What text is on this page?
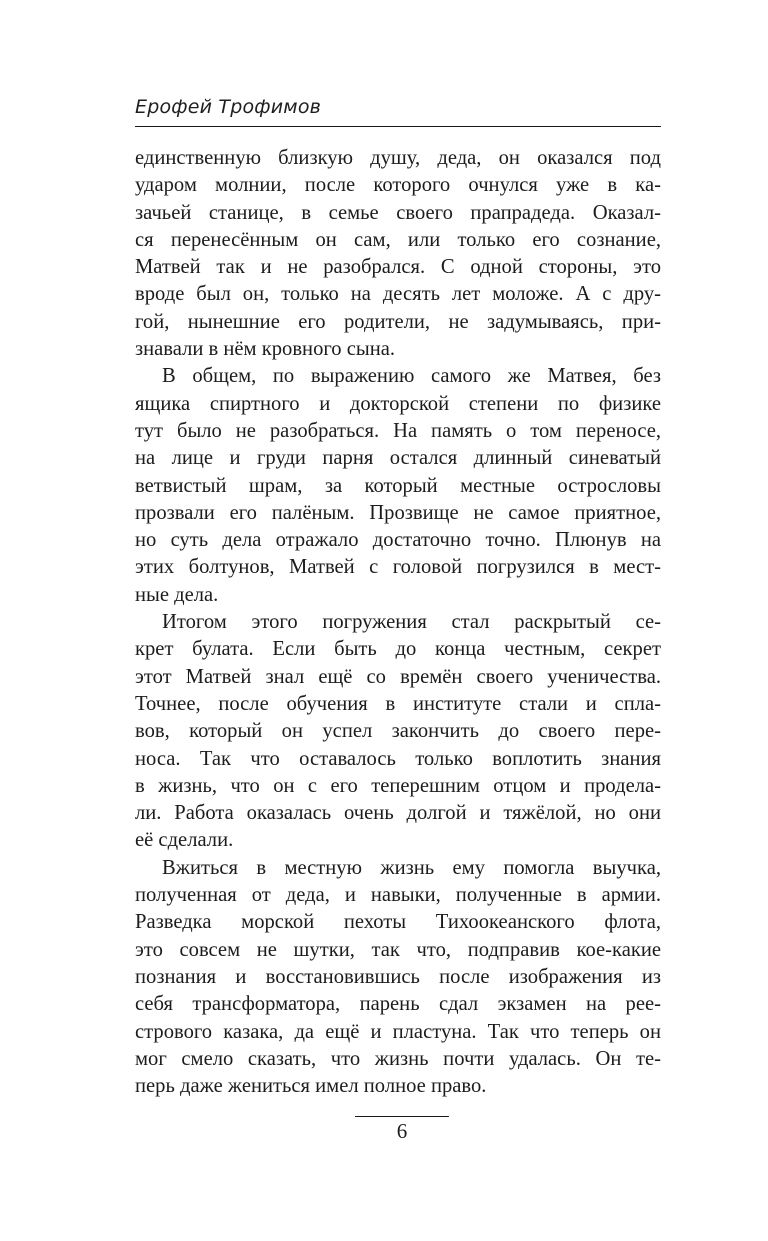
Ерофей Трофимов
единственную близкую душу, деда, он оказался под
ударом молнии, после которого очнулся уже в ка-
зачьей станице, в семье своего прапрадеда. Оказал-
ся перенесённым он сам, или только его сознание,
Матвей так и не разобрался. С одной стороны, это
вроде был он, только на десять лет моложе. А с дру-
гой, нынешние его родители, не задумываясь, при-
знавали в нём кровного сына.
В общем, по выражению самого же Матвея, без
ящика спиртного и докторской степени по физике
тут было не разобраться. На память о том переносе,
на лице и груди парня остался длинный синеватый
ветвистый шрам, за который местные острословы
прозвали его палёным. Прозвище не самое приятное,
но суть дела отражало достаточно точно. Плюнув на
этих болтунов, Матвей с головой погрузился в мест-
ные дела.
Итогом этого погружения стал раскрытый се-
крет булата. Если быть до конца честным, секрет
этот Матвей знал ещё со времён своего ученичества.
Точнее, после обучения в институте стали и спла-
вов, который он успел закончить до своего пере-
носа. Так что оставалось только воплотить знания
в жизнь, что он с его теперешним отцом и продела-
ли. Работа оказалась очень долгой и тяжёлой, но они
её сделали.
Вжиться в местную жизнь ему помогла выучка,
полученная от деда, и навыки, полученные в армии.
Разведка морской пехоты Тихоокеанского флота,
это совсем не шутки, так что, подправив кое-какие
познания и восстановившись после изображения из
себя трансформатора, парень сдал экзамен на рее-
стрового казака, да ещё и пластуна. Так что теперь он
мог смело сказать, что жизнь почти удалась. Он те-
перь даже жениться имел полное право.
6
